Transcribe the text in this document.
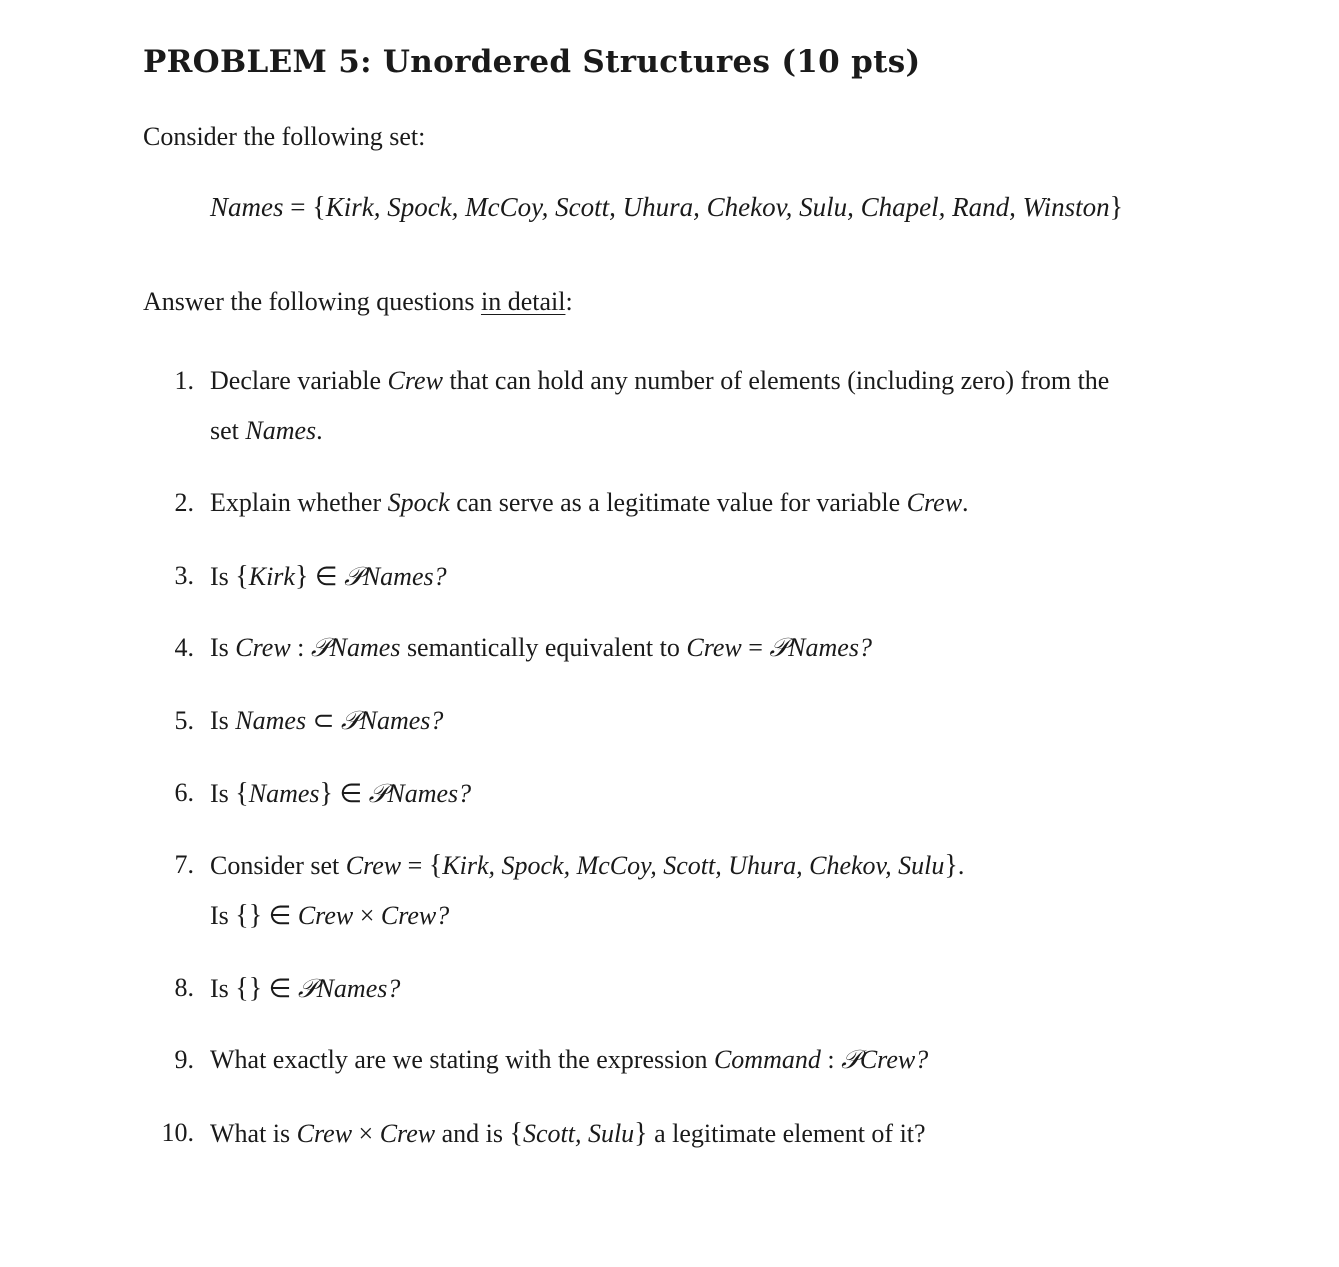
PROBLEM 5: Unordered Structures (10 pts)

Consider the following set:

Names = {Kirk, Spock, McCoy, Scott, Uhura, Chekov, Sulu, Chapel, Rand, Winston}

Answer the following questions in detail:

1. Declare variable Crew that can hold any number of elements (including zero) from the
set Names.
2. Explain whether Spock can serve as a legitimate value for variable Crew.
3. Is {Kirk} ∈ 𝒫Names?
4. Is Crew : 𝒫Names semantically equivalent to Crew = 𝒫Names?
5. Is Names ⊂ 𝒫Names?
6. Is {Names} ∈ 𝒫Names?
7. Consider set Crew = {Kirk, Spock, McCoy, Scott, Uhura, Chekov, Sulu}.
Is {} ∈ Crew × Crew?
8. Is {} ∈ 𝒫Names?
9. What exactly are we stating with the expression Command : 𝒫Crew?
10. What is Crew × Crew and is {Scott, Sulu} a legitimate element of it?
